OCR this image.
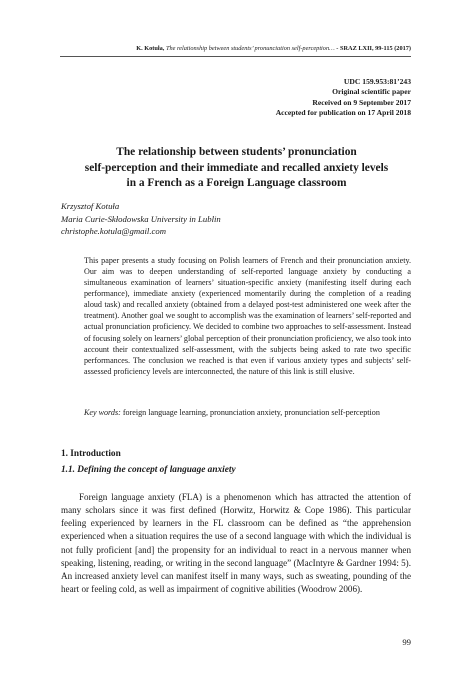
K. Kotuła, The relationship between students’ pronunciation self-perception… - SRAZ LXII, 99-115 (2017)
UDC 159.953:81’243
Original scientific paper
Received on 9 September 2017
Accepted for publication on 17 April 2018
The relationship between students’ pronunciation
self-perception and their immediate and recalled anxiety levels
in a French as a Foreign Language classroom
Krzysztof Kotuła
Maria Curie-Skłodowska University in Lublin
christophe.kotula@gmail.com
This paper presents a study focusing on Polish learners of French and their pronunciation anxiety. Our aim was to deepen understanding of self-reported language anxiety by conducting a simultaneous examination of learners’ situation-specific anxiety (manifesting itself during each performance), immediate anxiety (experienced momentarily during the completion of a reading aloud task) and recalled anxiety (obtained from a delayed post-test administered one week after the treatment). Another goal we sought to accomplish was the examination of learners’ self-reported and actual pronunciation proficiency. We decided to combine two approaches to self-assessment. Instead of focusing solely on learners’ global perception of their pronunciation proficiency, we also took into account their contextualized self-assessment, with the subjects being asked to rate two specific performances. The conclusion we reached is that even if various anxiety types and subjects’ self-assessed proficiency levels are interconnected, the nature of this link is still elusive.
Key words: foreign language learning, pronunciation anxiety, pronunciation self-perception
1. Introduction
1.1. Defining the concept of language anxiety
Foreign language anxiety (FLA) is a phenomenon which has attracted the attention of many scholars since it was first defined (Horwitz, Horwitz & Cope 1986). This particular feeling experienced by learners in the FL classroom can be defined as “the apprehension experienced when a situation requires the use of a second language with which the individual is not fully proficient [and] the propensity for an individual to react in a nervous manner when speaking, listening, reading, or writing in the second language” (MacIntyre & Gardner 1994: 5). An increased anxiety level can manifest itself in many ways, such as sweating, pounding of the heart or feeling cold, as well as impairment of cognitive abilities (Woodrow 2006).
99
